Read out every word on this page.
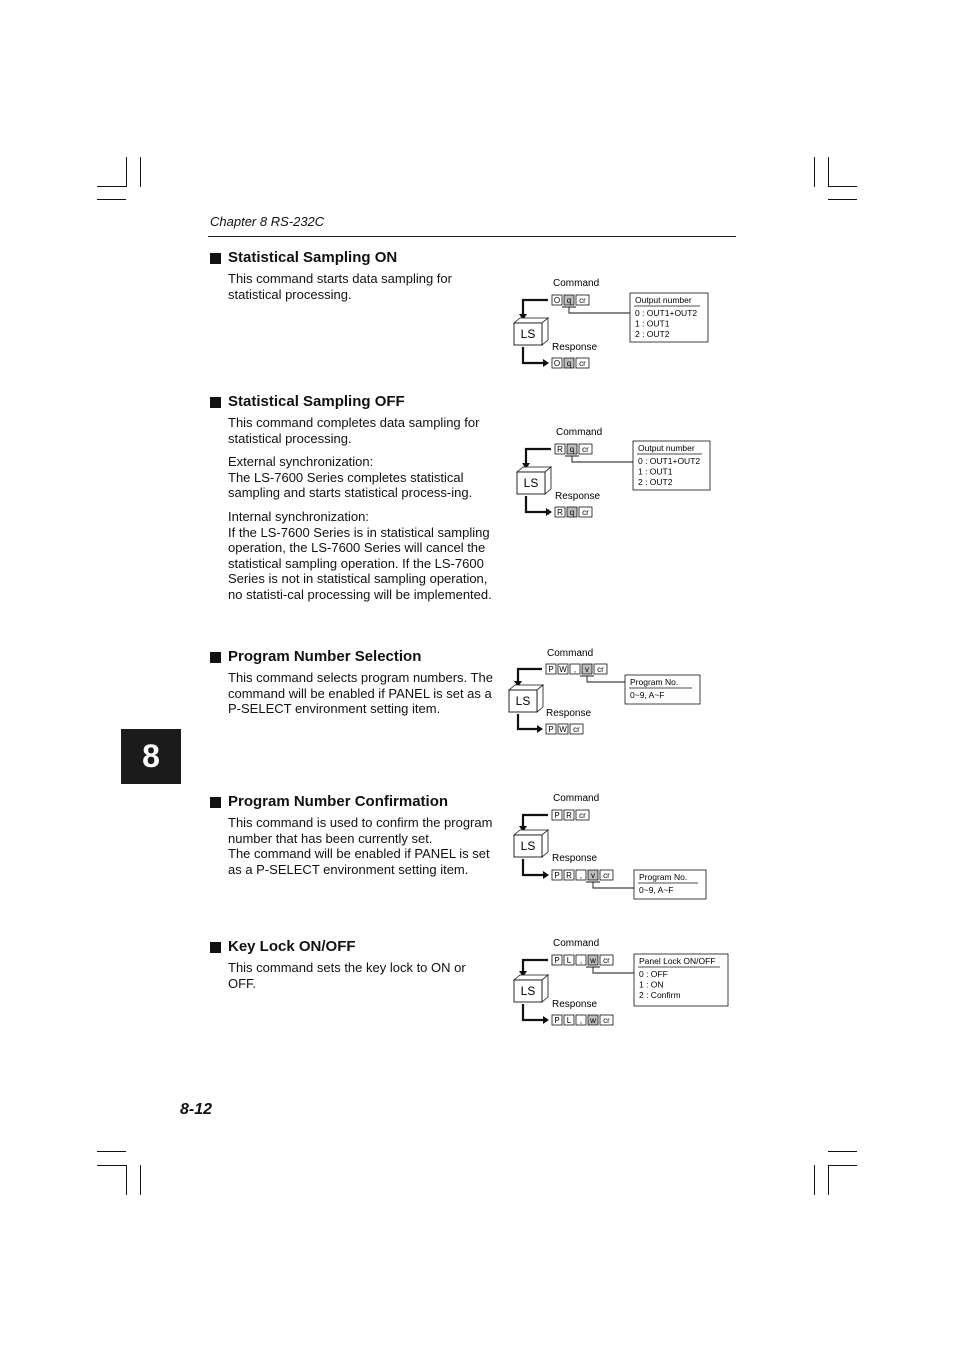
Chapter 8 RS-232C
8
Statistical Sampling ON

This command starts data sampling for statistical processing.

Statistical Sampling OFF

This command completes data sampling for statistical processing.

External synchronization:

The LS-7600 Series completes statistical sampling and starts statistical process-ing.

Internal synchronization:

If the LS-7600 Series is in statistical sampling operation, the LS-7600 Series will cancel the statistical sampling operation. If the LS-7600 Series is not in statistical sampling operation, no statisti-cal processing will be implemented.

Program Number Selection

This command selects program numbers. The command will be enabled if PANEL is set as a P-SELECT environment setting item.

Program Number Confirmation

This command is used to confirm the program number that has been currently set.

The command will be enabled if PANEL is set as a P-SELECT environment setting item.

Key Lock ON/OFF

This command sets the key lock to ON or OFF.

Command
O q cr
LS
Response
O q cr
Output number
0 : OUT1+OUT2
1 : OUT1
2 : OUT2
Command
R q cr
LS
Response
R q cr
Output number
0 : OUT1+OUT2
1 : OUT1
2 : OUT2
Command
P W , v cr
LS
Response
P W cr
Program No.
0~9, A~F
Command
P R cr
LS
Response
P R , v cr	Program No.
0~9, A~F
Command
P L , w cr
LS
Response
P L , w cr
Panel Lock ON/OFF
0 : OFF
1 : ON
2 : Confirm
8-12
